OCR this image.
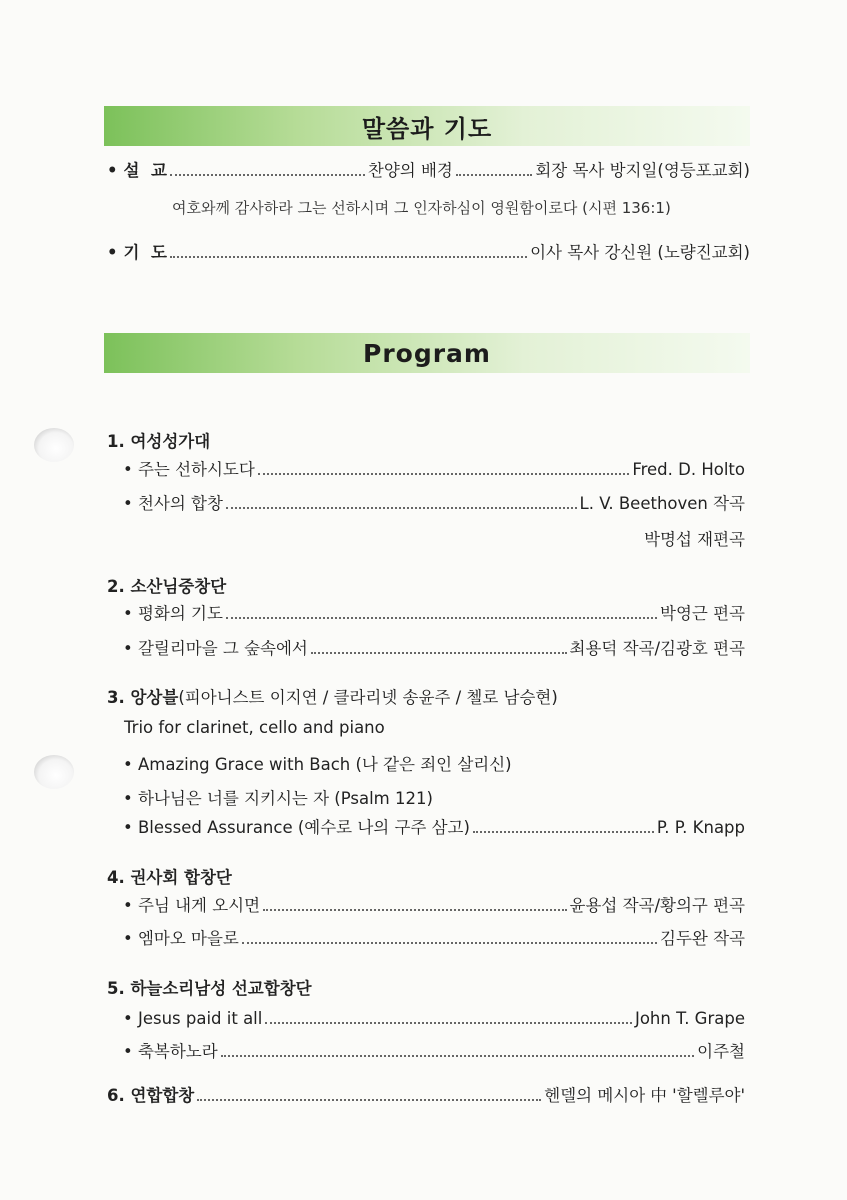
말씀과 기도
• 설  교	찬양의 배경	회장 목사 방지일(영등포교회)
여호와께 감사하라 그는 선하시며 그 인자하심이 영원함이로다 (시편 136:1)
• 기  도	이사 목사 강신원 (노량진교회)
Program
1. 여성성가대
• 주는 선하시도다	Fred. D. Holto
• 천사의 합창	L. V. Beethoven 작곡
박명섭 재편곡
2. 소산님중창단
• 평화의 기도	박영근 편곡
• 갈릴리마을 그 숲속에서	최용덕 작곡/김광호 편곡
3. 앙상블(피아니스트 이지연 / 클라리넷 송윤주 / 첼로 남승현)
Trio for clarinet, cello and piano
• Amazing Grace with Bach (나 같은 죄인 살리신)
• 하나님은 너를 지키시는 자 (Psalm 121)
• Blessed Assurance (예수로 나의 구주 삼고)	P. P. Knapp
4. 권사회 합창단
• 주님 내게 오시면	윤용섭 작곡/황의구 편곡
• 엠마오 마을로	김두완 작곡
5. 하늘소리남성 선교합창단
• Jesus paid it all	John T. Grape
• 축복하노라	이주철
6. 연합합창	헨델의 메시아 中 '할렐루야'
